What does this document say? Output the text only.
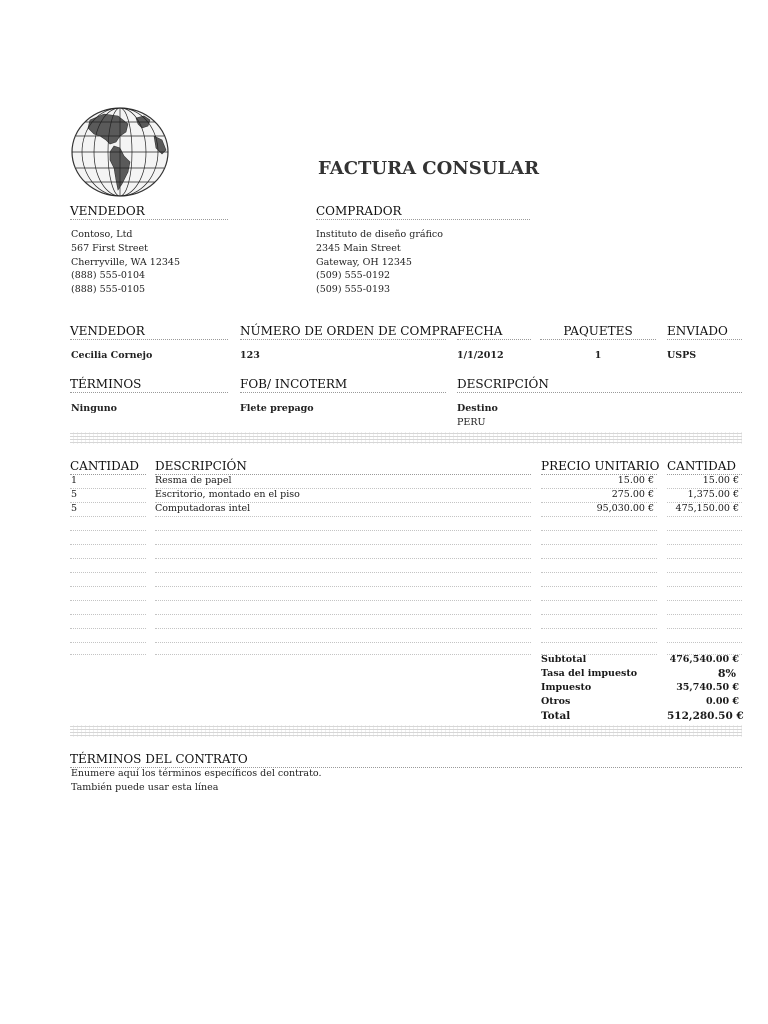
FACTURA CONSULAR
VENDEDOR	COMPRADOR
Contoso, Ltd
567 First Street
Cherryville, WA 12345
(888) 555-0104
(888) 555-0105
Instituto de diseño gráfico
2345 Main Street
Gateway, OH 12345
(509) 555-0192
(509) 555-0193
VENDEDOR	NÚMERO DE ORDEN DE COMPRA FECHA	PAQUETES	ENVIADO
Cecilia Cornejo	123	1/1/2012	1	USPS
TÉRMINOS	FOB/ INCOTERM	DESCRIPCIÓN
Ninguno	Flete prepago	Destino
PERU
CANTIDAD	DESCRIPCIÓN	PRECIO UNITARIO CANTIDAD
1	Resma de papel	15.00 €	15.00 €
5	Escritorio, montado en el piso	275.00 €	1,375.00 €
5	Computadoras intel	95,030.00 €	475,150.00 €
Subtotal	476,540.00 €
Tasa del impuesto	8%
Impuesto	35,740.50 €
Otros	0.00 €
Total	512,280.50 €
TÉRMINOS DEL CONTRATO
Enumere aquí los términos específicos del contrato.
También puede usar esta línea
